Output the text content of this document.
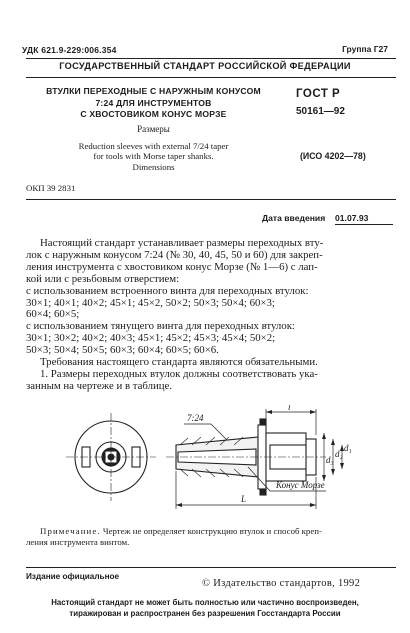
УДК 621.9-229:006.354	Группа Г27
ГОСУДАРСТВЕННЫЙ СТАНДАРТ РОССИЙСКОЙ ФЕДЕРАЦИИ
ВТУЛКИ ПЕРЕХОДНЫЕ С НАРУЖНЫМ КОНУСОМ
7:24 ДЛЯ ИНСТРУМЕНТОВ
С ХВОСТОВИКОМ КОНУС МОРЗЕ
Размеры
Reduction sleeves with external 7/24 taper
for tools with Morse taper shanks.
Dimensions
ГОСТ Р
50161—92
(ИСО 4202—78)
ОКП 39 2831
Дата введения 01.07.93
Настоящий стандарт устанавливает размеры переходных вту-
лок с наружным конусом 7:24 (№ 30, 40, 45, 50 и 60) для закреп-
ления инструмента с хвостовиком конус Морзе (№ 1—6) с лап-
кой или с резьбовым отверстием:
с использованием встроенного винта для переходных втулок:
30×1; 40×1; 40×2; 45×1; 45×2, 50×2; 50×3; 50×4; 60×3;
60×4; 60×5;
с использованием тянущего винта для переходных втулок:
30×1; 30×2; 40×2; 40×3; 45×1; 45×2; 45×3; 45×4; 50×2;
50×3; 50×4; 50×5; 60×3; 60×4; 60×5; 60×6.
Требования настоящего стандарта являются обязательными.
1. Размеры переходных втулок должны соответствовать ука-
занным на чертеже и в таблице.
7:24
l
L
d₃
d₂
d₁
Конус Морзе
Примечание. Чертеж не определяет конструкцию втулок и способ креп-
ления инструмента винтом.
Издание официальное
© Издательство стандартов, 1992
Настоящий стандарт не может быть полностью или частично воспроизведен,
тиражирован и распространен без разрешения Госстандарта России
